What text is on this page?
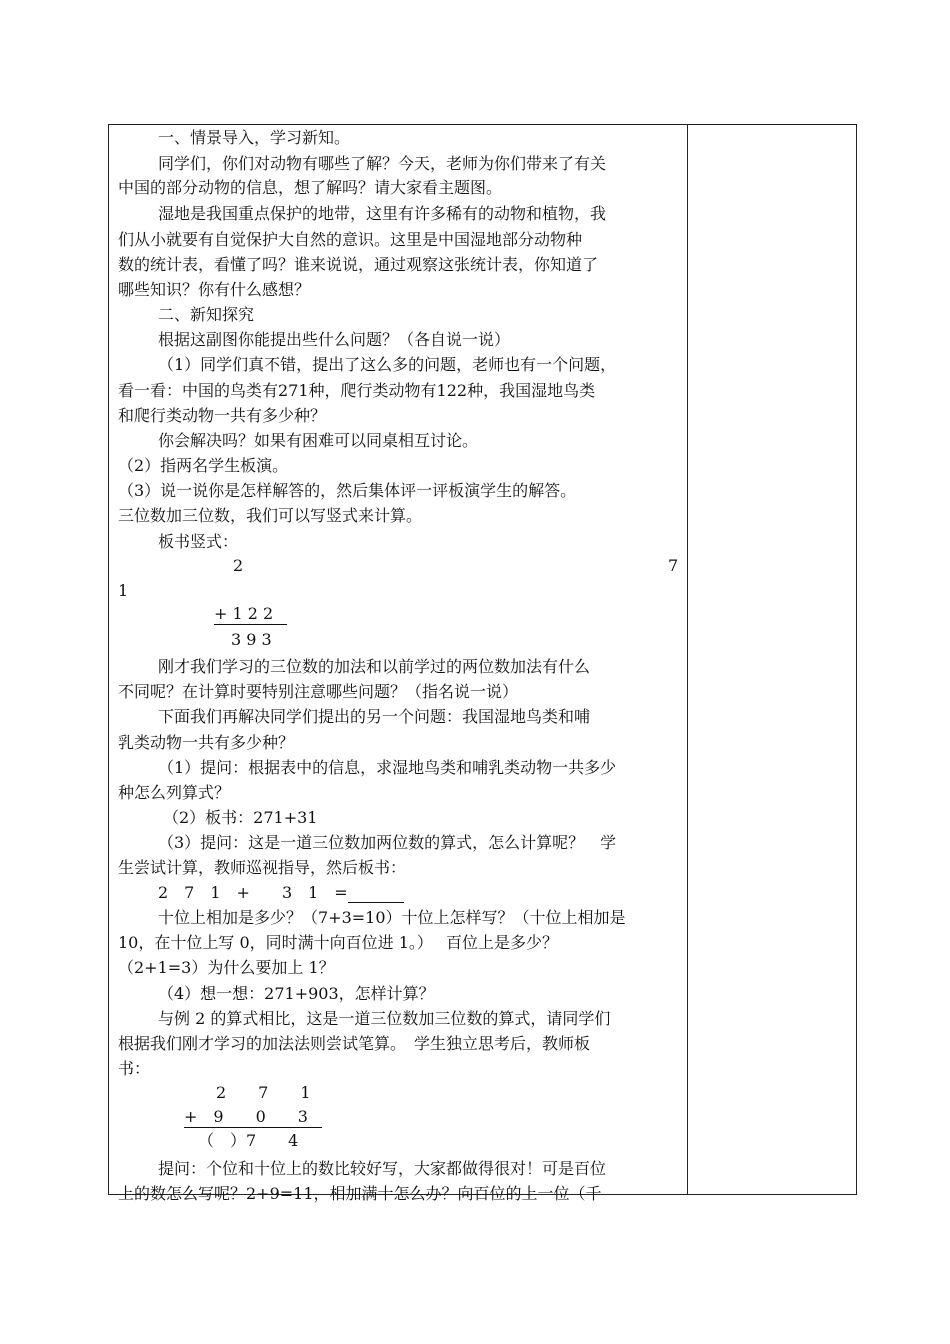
一、情景导入，学习新知。
同学们，你们对动物有哪些了解？今天，老师为你们带来了有关
中国的部分动物的信息，想了解吗？请大家看主题图。
湿地是我国重点保护的地带，这里有许多稀有的动物和植物，我
们从小就要有自觉保护大自然的意识。这里是中国湿地部分动物种
数的统计表，看懂了吗？谁来说说，通过观察这张统计表，你知道了
哪些知识？你有什么感想？
二、新知探究
根据这副图你能提出些什么问题？（各自说一说）
（1）同学们真不错，提出了这么多的问题，老师也有一个问题，
看一看：中国的鸟类有271种，爬行类动物有122种，我国湿地鸟类
和爬行类动物一共有多少种？
你会解决吗？如果有困难可以同桌相互讨论。
（2）指两名学生板演。
（3）说一说你是怎样解答的，然后集体评一评板演学生的解答。
三位数加三位数，我们可以写竖式来计算。
板书竖式：
2	7
1
+ 1 2 2
3 9 3
刚才我们学习的三位数的加法和以前学过的两位数加法有什么
不同呢？在计算时要特别注意哪些问题？（指名说一说）
下面我们再解决同学们提出的另一个问题：我国湿地鸟类和哺
乳类动物一共有多少种？
（1）提问：根据表中的信息，求湿地鸟类和哺乳类动物一共多少
种怎么列算式？
（2）板书：271+31
（3）提问：这是一道三位数加两位数的算式，怎么计算呢？　学
生尝试计算，教师巡视指导，然后板书：
2　7　1　+　　3　1　=
十位上相加是多少？（7+3=10）十位上怎样写？（十位上相加是
10，在十位上写 0，同时满十向百位进 1。）　 百位上是多少？
（2+1=3）为什么要加上 1？
（4）想一想：271+903，怎样计算？
与例 2 的算式相比，这是一道三位数加三位数的算式，请同学们
根据我们刚才学习的加法法则尝试笔算。　学生独立思考后，教师板
书：
2　　7　　1
+　9　　0　　3
（　）7　　4
提问：个位和十位上的数比较好写，大家都做得很对！可是百位
上的数怎么写呢？2+9=11，相加满十怎么办？向百位的上一位（千
